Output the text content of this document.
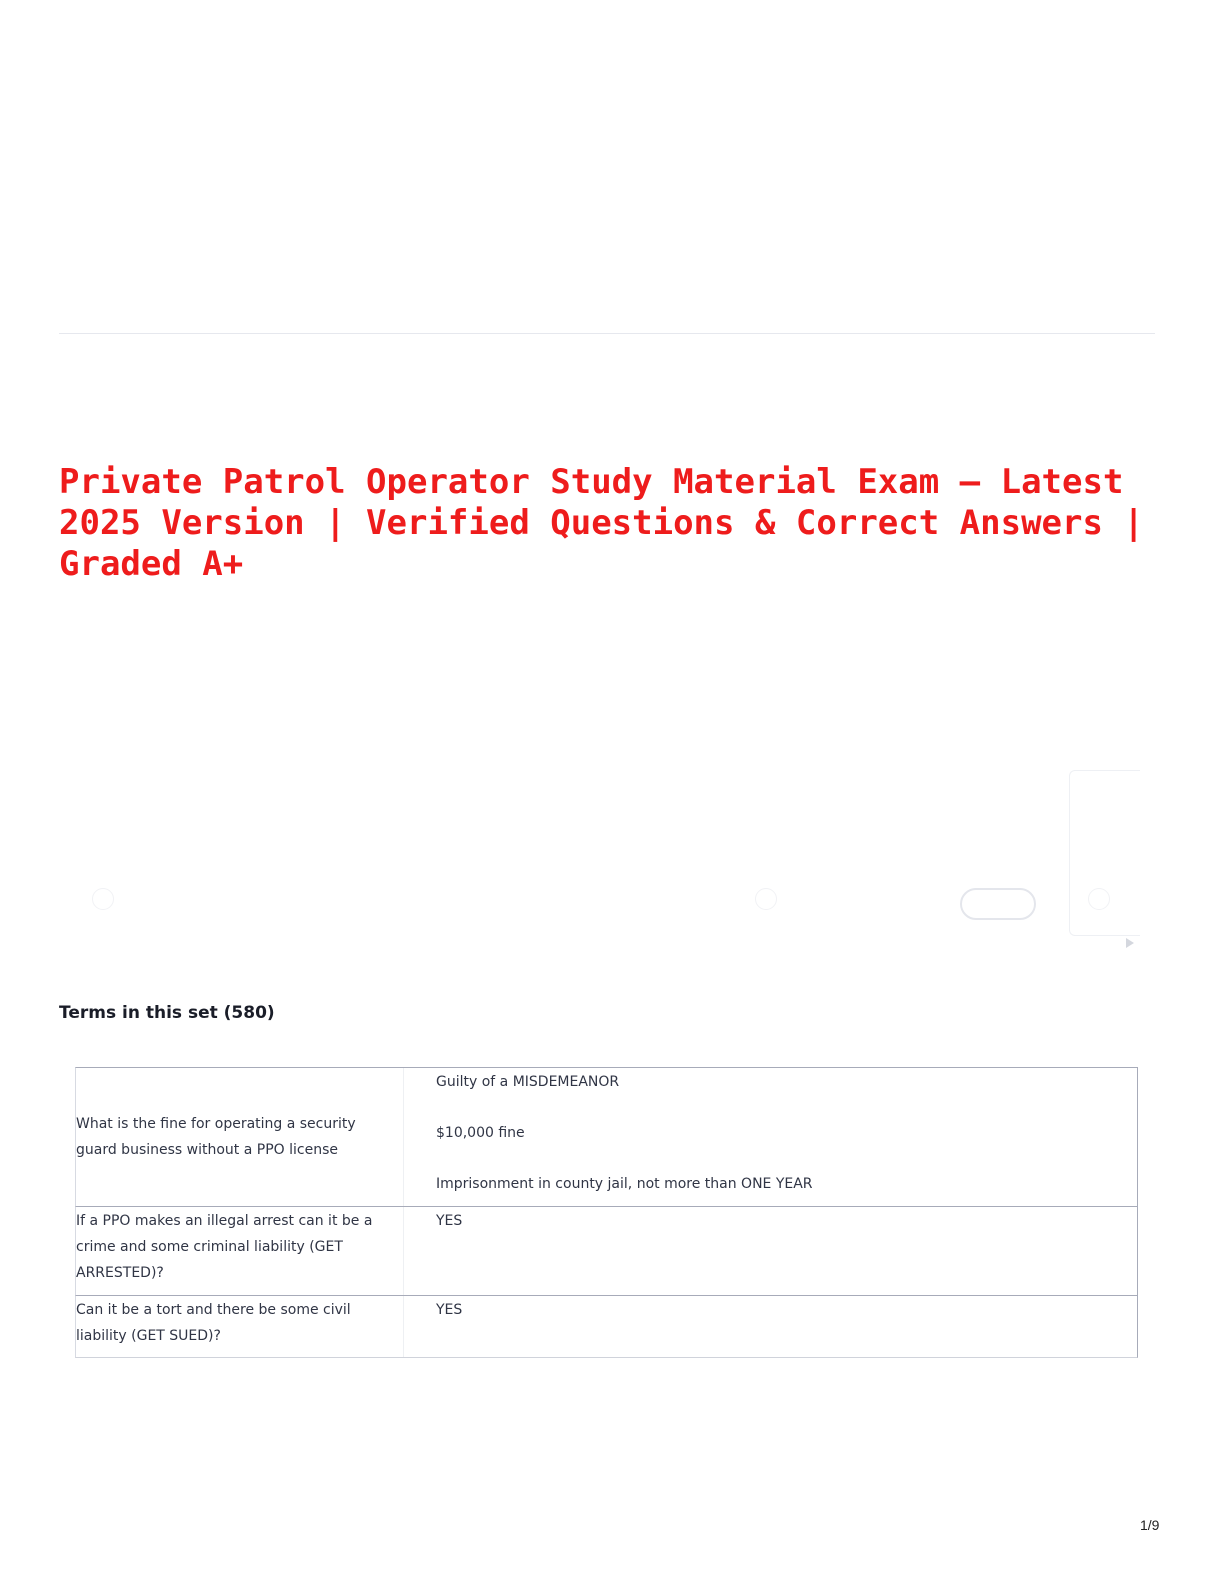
Private Patrol Operator Study Material Exam – Latest 2025 Version | Verified Questions & Correct Answers | Graded A+
Terms in this set (580)
What is the fine for operating a security guard business without a PPO license
Guilty of a MISDEMEANOR
$10,000 fine
Imprisonment in county jail, not more than ONE YEAR
If a PPO makes an illegal arrest can it be a crime and some criminal liability (GET ARRESTED)?
YES
Can it be a tort and there be some civil liability (GET SUED)?
YES

1/9
